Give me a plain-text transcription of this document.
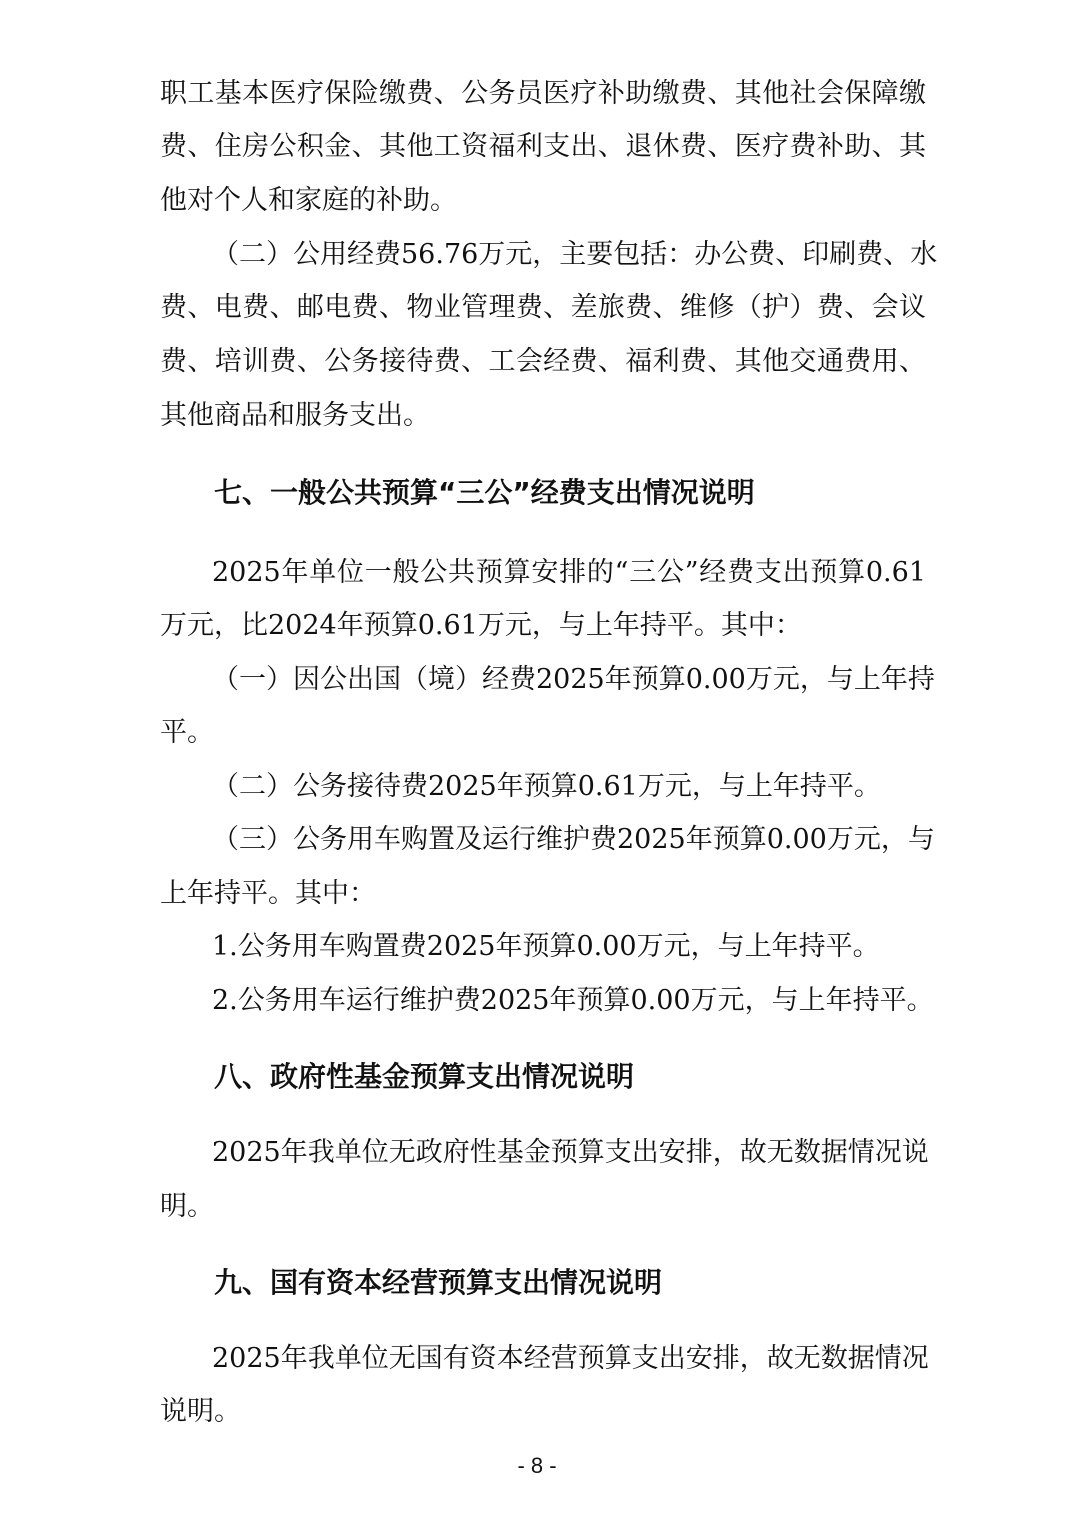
职工基本医疗保险缴费、公务员医疗补助缴费、其他社会保障缴
费、住房公积金、其他工资福利支出、退休费、医疗费补助、其
他对个人和家庭的补助。
（二）公用经费56.76万元，主要包括：办公费、印刷费、水
费、电费、邮电费、物业管理费、差旅费、维修（护）费、会议
费、培训费、公务接待费、工会经费、福利费、其他交通费用、
其他商品和服务支出。
七、一般公共预算“三公”经费支出情况说明
2025年单位一般公共预算安排的“三公”经费支出预算0.61
万元，比2024年预算0.61万元，与上年持平。其中：
（一）因公出国（境）经费2025年预算0.00万元，与上年持
平。
（二）公务接待费2025年预算0.61万元，与上年持平。
（三）公务用车购置及运行维护费2025年预算0.00万元，与
上年持平。其中：
1.公务用车购置费2025年预算0.00万元，与上年持平。
2.公务用车运行维护费2025年预算0.00万元，与上年持平。
八、政府性基金预算支出情况说明
2025年我单位无政府性基金预算支出安排，故无数据情况说
明。
九、国有资本经营预算支出情况说明
2025年我单位无国有资本经营预算支出安排，故无数据情况
说明。
- 8 -
